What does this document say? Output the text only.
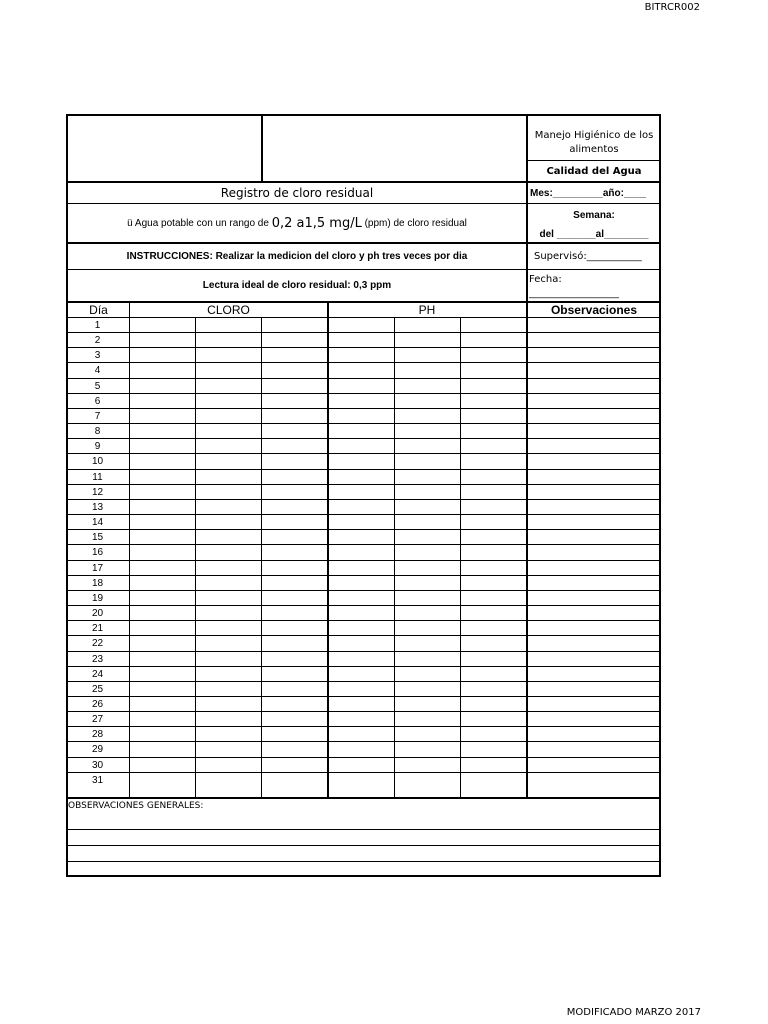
BITRCR002
Manejo Higiénico de los alimentos
Calidad del Agua
Registro de cloro residual
ü Agua potable con un rango de 0,2 a1,5 mg/L (ppm) de cloro residual
INSTRUCCIONES: Realizar la medicion del cloro y ph tres veces por dia
Lectura ideal de cloro residual: 0,3 ppm
Mes:_________año:____
Semana:
del _______al________
Supervisó:___________
Fecha:
__________________
Día	CLORO	PH	Observaciones
1
2
3
4
5
6
7
8
9
10
11
12
13
14
15
16
17
18
19
20
21
22
23
24
25
26
27
28
29
30
31
OBSERVACIONES GENERALES:
MODIFICADO MARZO 2017
